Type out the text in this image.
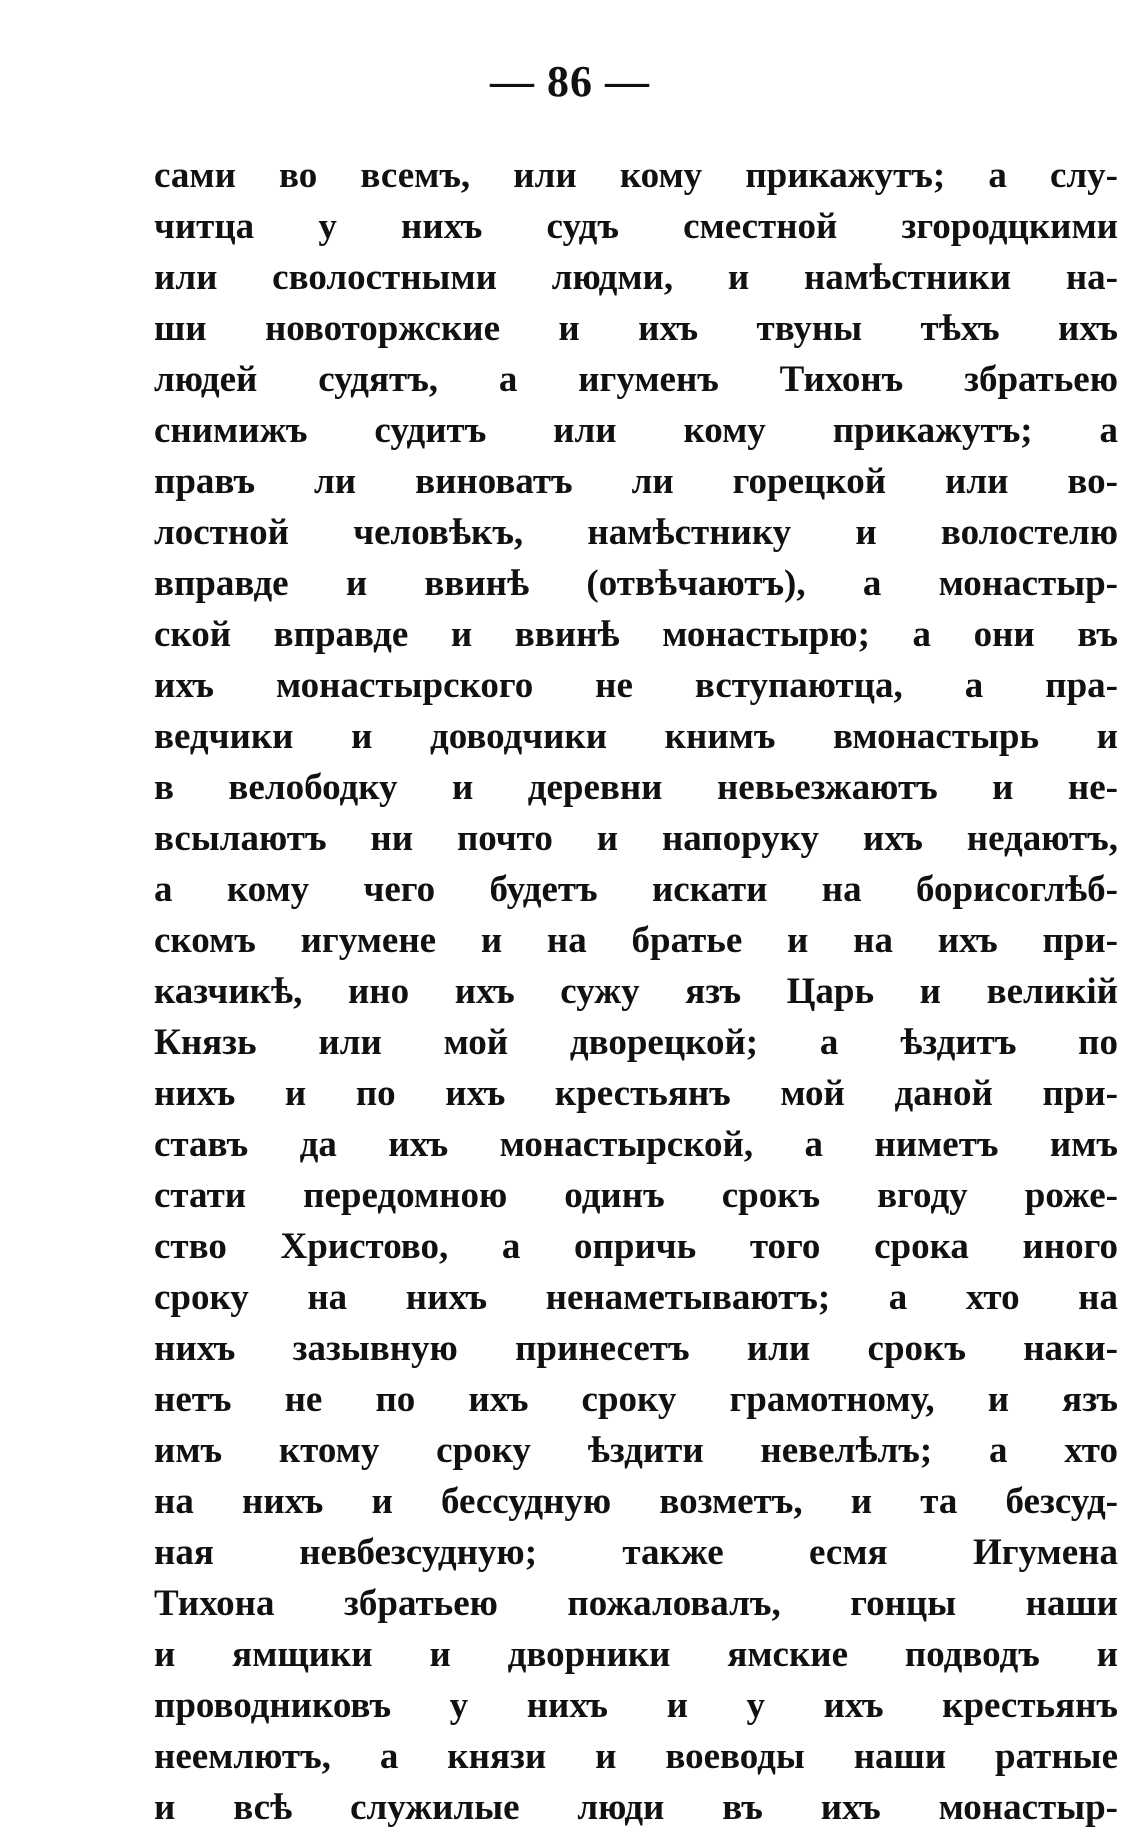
— 86 —
сами во всемъ, или кому прикажутъ; а слу-
читца у нихъ судъ сместной згородцкими
или сволостными людми, и намѣстники на-
ши новоторжские и ихъ твуны тѣхъ ихъ
людей судятъ, а игуменъ Тихонъ збратьею
снимижъ судитъ или кому прикажутъ; а
правъ ли виноватъ ли горецкой или во-
лостной человѣкъ, намѣстнику и волостелю
вправде и ввинѣ (отвѣчаютъ), а монастыр-
ской вправде и ввинѣ монастырю; а они въ
ихъ монастырского не вступаютца, а пра-
ведчики и доводчики книмъ вмонастырь и
в велободку и деревни невьезжаютъ и не-
всылаютъ ни почто и напоруку ихъ недаютъ,
а кому чего будетъ искати на борисоглѣб-
скомъ игумене и на братье и на ихъ при-
казчикѣ, ино ихъ сужу язъ Царь и великій
Князь или мой дворецкой; а ѣздитъ по
нихъ и по ихъ крестьянъ мой даной при-
ставъ да ихъ монастырской, а ниметъ имъ
стати передомною одинъ срокъ вгоду роже-
ство Христово, а опричь того срока иного
сроку на нихъ ненаметываютъ; а хто на
нихъ зазывную принесетъ или срокъ наки-
нетъ не по ихъ сроку грамотному, и язъ
имъ ктому сроку ѣздити невелѣлъ; а хто
на нихъ и бессудную возметъ, и та безсуд-
ная невбезсудную; также есмя Игумена
Тихона збратьею пожаловалъ, гонцы наши
и ямщики и дворники ямские подводъ и
проводниковъ у нихъ и у ихъ крестьянъ
неемлютъ, а князи и воеводы наши ратные
и всѣ служилые люди въ ихъ монастыр-
